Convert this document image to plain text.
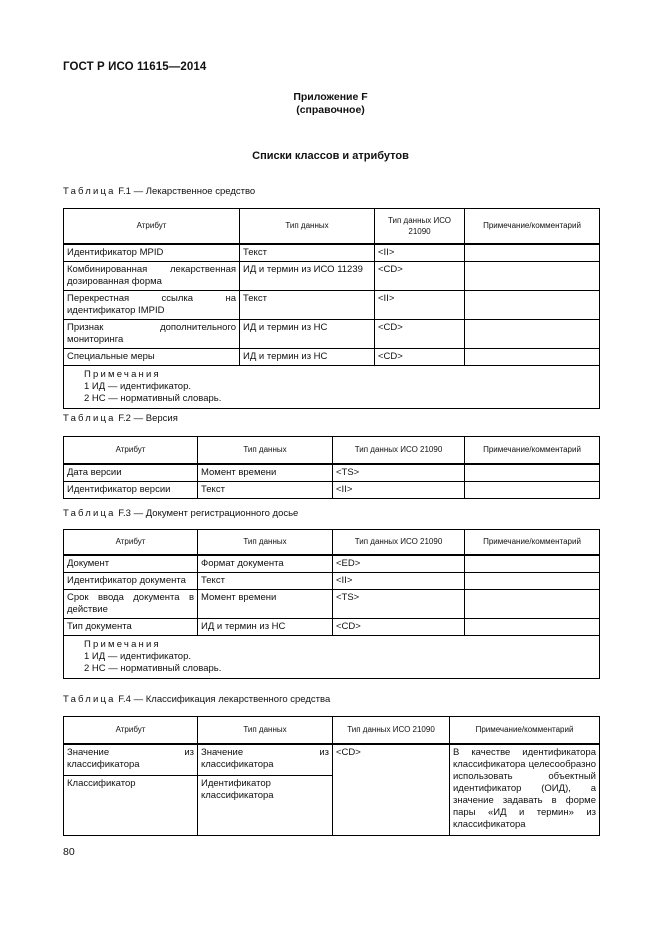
ГОСТ Р ИСО 11615—2014
Приложение F
(справочное)
Списки классов и атрибутов
Таблица F.1 — Лекарственное средство
Атрибут	Тип данных	Тип данных ИСО 21090	Примечание/комментарий
Идентификатор MPID	Текст	<II>	
Комбинированная лекарственная дозированная форма	ИД и термин из ИСО 11239	<CD>	
Перекрестная ссылка на идентификатор IMPID	Текст	<II>	
Признак дополнительного мониторинга	ИД и термин из НС	<CD>	
Специальные меры	ИД и термин из НС	<CD>	

Примечания
1 ИД — идентификатор.
2 НС — нормативный словарь.			
Таблица F.2 — Версия
Атрибут	Тип данных	Тип данных ИСО 21090	Примечание/комментарий
Дата версии	Момент времени	<TS>	
Идентификатор версии	Текст	<II>	
Таблица F.3 — Документ регистрационного досье
Атрибут	Тип данных	Тип данных ИСО 21090	Примечание/комментарий
Документ	Формат документа	<ED>	
Идентификатор документа	Текст	<II>	
Срок ввода документа в действие	Момент времени	<TS>	
Тип документа	ИД и термин из НС	<CD>	

Примечания
1 ИД — идентификатор.
2 НС — нормативный словарь.			
Таблица F.4 — Классификация лекарственного средства
Атрибут	Тип данных	Тип данных ИСО 21090	Примечание/комментарий
Значение из классификатора	Значение из классификатора	<CD>	В качестве идентификатора классификатора целесообразно использовать объектный идентификатор (ОИД), а значение задавать в форме пары «ИД и термин» из классификатора
Классификатор	Идентификатор классификатора		
80
